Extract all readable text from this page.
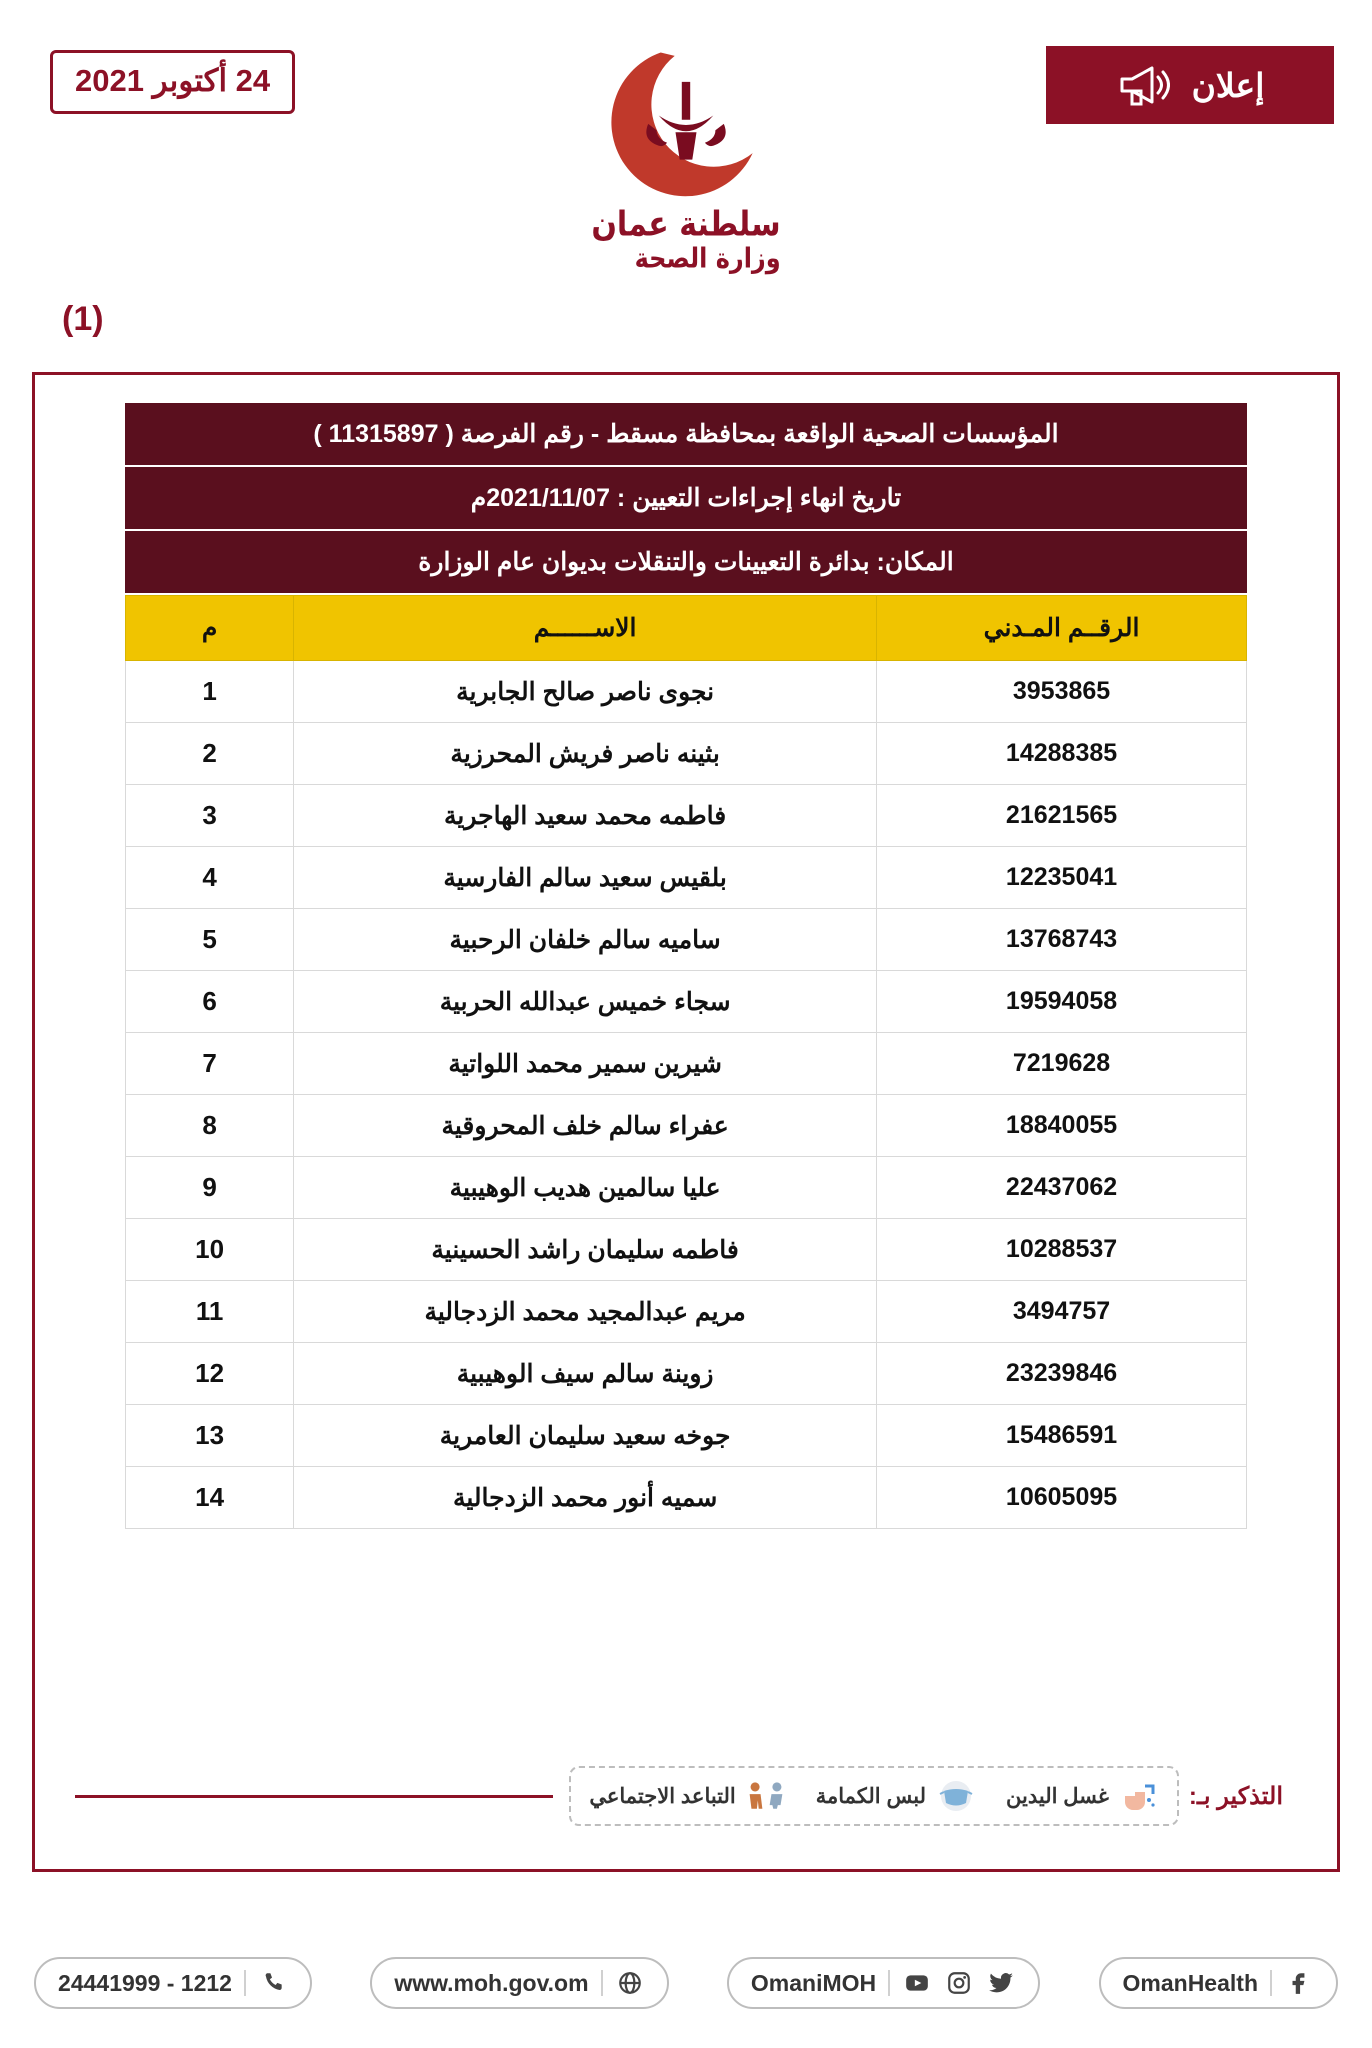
إعلان
24 أكتوبر 2021
سلطنة عمان
وزارة الصحة
(1)
المؤسسات الصحية الواقعة بمحافظة مسقط - رقم الفرصة ( 11315897 )
تاريخ انهاء إجراءات التعيين : 2021/11/07م
المكان: بدائرة التعيينات والتنقلات بديوان عام الوزارة
الرقــم المـدني	الاســــــم	م
3953865	نجوى ناصر صالح الجابرية	1
14288385	بثينه ناصر فريش المحرزية	2
21621565	فاطمه محمد سعيد الهاجرية	3
12235041	بلقيس سعيد سالم الفارسية	4
13768743	ساميه سالم خلفان الرحبية	5
19594058	سجاء خميس عبدالله الحربية	6
7219628	شيرين سمير محمد اللواتية	7
18840055	عفراء سالم خلف المحروقية	8
22437062	عليا سالمين هديب الوهيبية	9
10288537	فاطمه سليمان راشد الحسينية	10
3494757	مريم عبدالمجيد محمد الزدجالية	11
23239846	زوينة سالم سيف الوهيبية	12
15486591	جوخه سعيد سليمان العامرية	13
10605095	سميه أنور محمد الزدجالية	14
التذكير بـ:
غسل اليدين
لبس الكمامة
التباعد الاجتماعي
OmanHealth
OmaniMOH
www.moh.gov.om
24441999 - 1212
